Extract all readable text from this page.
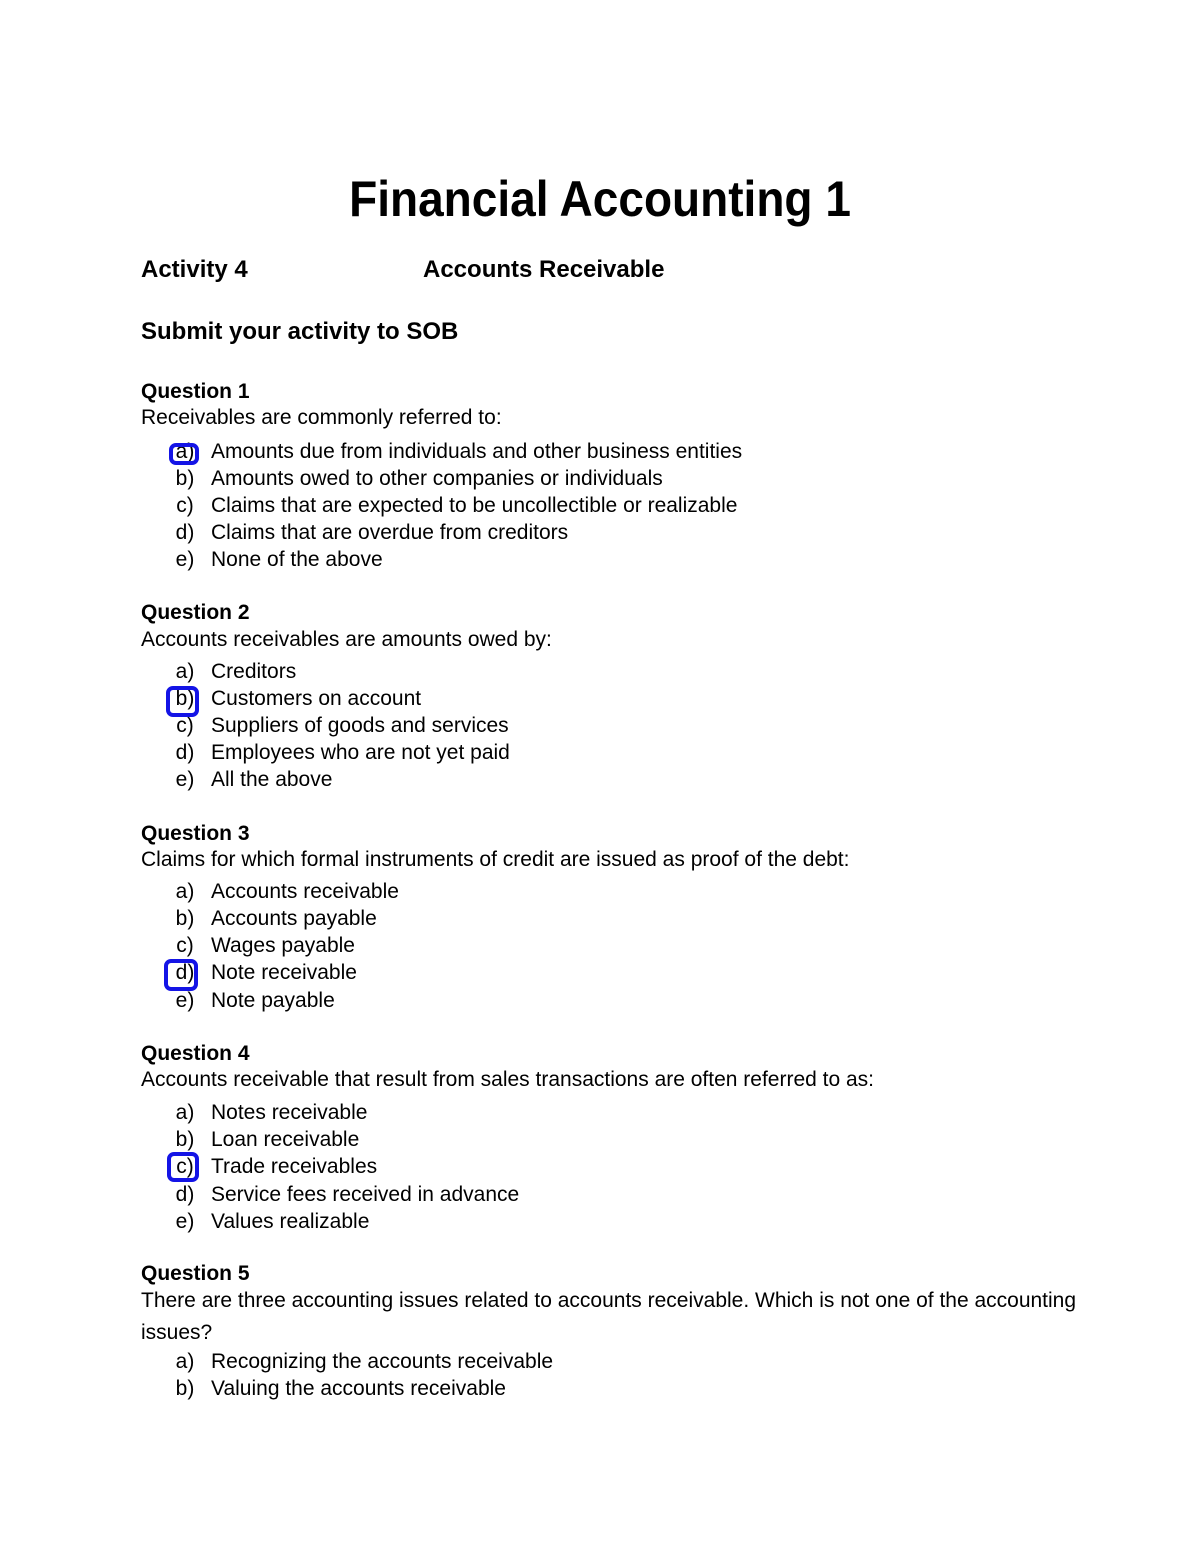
Financial Accounting 1
Activity 4	Accounts Receivable
Submit your activity to SOB
Question 1
Receivables are commonly referred to:
a) Amounts due from individuals and other business entities
b) Amounts owed to other companies or individuals
c) Claims that are expected to be uncollectible or realizable
d) Claims that are overdue from creditors
e) None of the above
Question 2
Accounts receivables are amounts owed by:
a) Creditors
b) Customers on account
c) Suppliers of goods and services
d) Employees who are not yet paid
e) All the above
Question 3
Claims for which formal instruments of credit are issued as proof of the debt:
a) Accounts receivable
b) Accounts payable
c) Wages payable
d) Note receivable
e) Note payable
Question 4
Accounts receivable that result from sales transactions are often referred to as:
a) Notes receivable
b) Loan receivable
c) Trade receivables
d) Service fees received in advance
e) Values realizable
Question 5
There are three accounting issues related to accounts receivable. Which is not one of the accounting
issues?
a) Recognizing the accounts receivable
b) Valuing the accounts receivable
